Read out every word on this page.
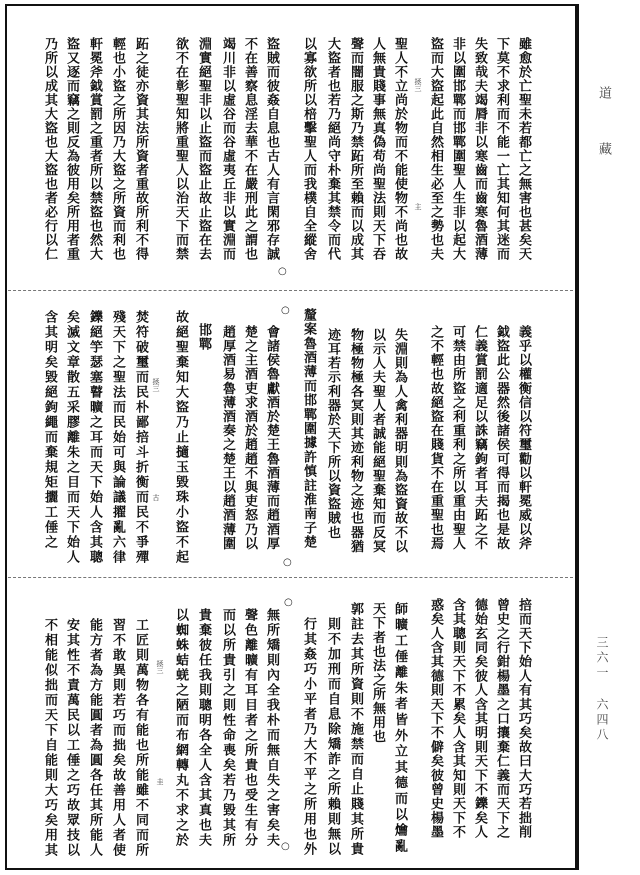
道
藏
三六一 六四八
雖愈於亡聖未若都亡之無害也甚矣天
下莫不求利而不能一亡其知何其迷而
失致哉夫竭脣非以寒齒而齒寒魯酒薄
非以圍邯鄲而邯鄲圍聖人生非以起大
盜而大盜起此自然相生必至之勢也夫
聖人不立尚於物而不能使物不尚也故
人無貴賤事無真偽苟尚聖法則天下吞
聲而闇服之斯乃禁跖所至賴而以成其
大盜者也若乃絕尚守朴棄其禁令而代
以寡欲所以棓擊聖人而我樸自全縱舍
盜賊而彼姦自息也古人有言閑邪存誠
不在善察息淫去華不在嚴刑此之謂也
竭川非以虛谷而谷虛夷丘非以實淵而
淵實絕聖非以止盜而盜止故止盜在去
欲不在彰聖知將重聖人以治天下而禁
跖之徒亦資其法所資者重故所利不得
輕也小盜之所因乃大盜之所資而利也
軒冕斧鉞賞罰之重者所以禁盜也然大
盜又逐而竊之則反為彼用矣所用者重
乃所以成其大盜也大盜也者必行以仁	拯三
主
義乎以權衡信以符璽勸以軒冕威以斧
鉞盜此公器然後諸侯可得而揭也是故
仁義賞罰適足以誅竊鉤者耳夫跖之不
可禁由所盜之利重利之所以重由聖人
之不輕也故絕盜在賤貨不在重聖也焉
失淵則為人禽利器明則為盜資故不以
以示人夫聖人者誠能絕聖棄知而反冥
物極物極各冥則其迹利物之迹也器猶
迹耳若示利器於天下所以資盜賊也
釐案魯酒薄而邯鄲圍據許慎註淮南子楚
會諸侯魯獻酒於楚王魯酒薄而趙酒厚
楚之主酒吏求酒於趙趙不與吏怒乃以
趙厚酒易魯薄酒奏之楚王以趙酒薄圍
邯鄲
故絕聖棄知大盜乃止擿玉毀珠小盜不起
焚符破璽而民朴鄙掊斗折衡而民不爭殫
殘天下之聖法而民始可與論議擢亂六律
鑠絕竽瑟塞瞽曠之耳而天下始人含其聰
矣滅文章散五采膠離朱之目而天下始人
含其明矣毀絕鉤繩而棄規矩攦工倕之	拯三
古
掊而天下始人有其巧矣故曰大巧若拙削
曾史之行鉗楊墨之口攘棄仁義而天下之
德始玄同矣彼人含其明則天下不鑠矣人
含其聰則天下不累矣人含其知則天下不
惑矣人含其德則天下不僻矣彼曾史楊墨
師曠工倕離朱者皆外立其德而以爚亂
天下者也法之所無用也
郭註去其所資則不施禁而自止賤其所貴
則不加刑而自息除矯詐之所賴則無以
行其姦巧小平者乃大不平之所用也外
無所矯則內全我朴而無自失之害矣夫
聲色離曠有耳目者之所貴也受生有分
而以所貴引之則性命喪矣若乃毀其所
貴棄彼任我則聰明各全人含其真也夫
以蜘蛛蛣蜣之陋而布網轉丸不求之於
工匠則萬物各有能也所能雖不同而所
習不敢異則若巧而拙矣故善用人者使
能方者為方能圓者為圓各任其所能人
安其性不責萬民以工倕之巧故眾技以
不相能似拙而天下自能則大巧矣用其	拯三
圭
○
○
○
○
○
